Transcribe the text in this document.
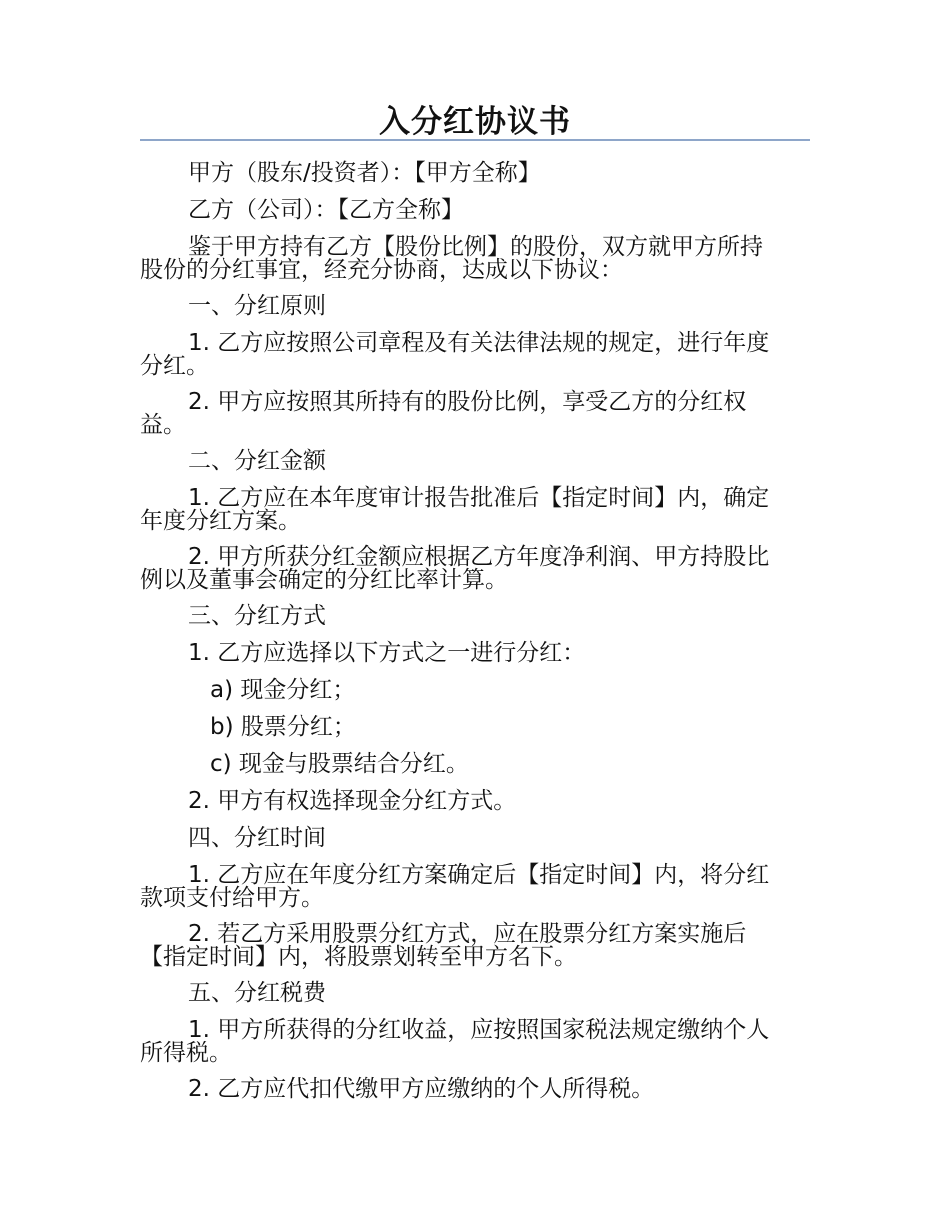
入分红协议书
甲方（股东/投资者）：【甲方全称】
乙方（公司）：【乙方全称】
鉴于甲方持有乙方【股份比例】的股份，双方就甲方所持
股份的分红事宜，经充分协商，达成以下协议：
一、分红原则
1. 乙方应按照公司章程及有关法律法规的规定，进行年度
分红。
2. 甲方应按照其所持有的股份比例，享受乙方的分红权
益。
二、分红金额
1. 乙方应在本年度审计报告批准后【指定时间】内，确定
年度分红方案。
2. 甲方所获分红金额应根据乙方年度净利润、甲方持股比
例以及董事会确定的分红比率计算。
三、分红方式
1. 乙方应选择以下方式之一进行分红：
a) 现金分红；
b) 股票分红；
c) 现金与股票结合分红。
2. 甲方有权选择现金分红方式。
四、分红时间
1. 乙方应在年度分红方案确定后【指定时间】内，将分红
款项支付给甲方。
2. 若乙方采用股票分红方式，应在股票分红方案实施后
【指定时间】内，将股票划转至甲方名下。
五、分红税费
1. 甲方所获得的分红收益，应按照国家税法规定缴纳个人
所得税。
2. 乙方应代扣代缴甲方应缴纳的个人所得税。
